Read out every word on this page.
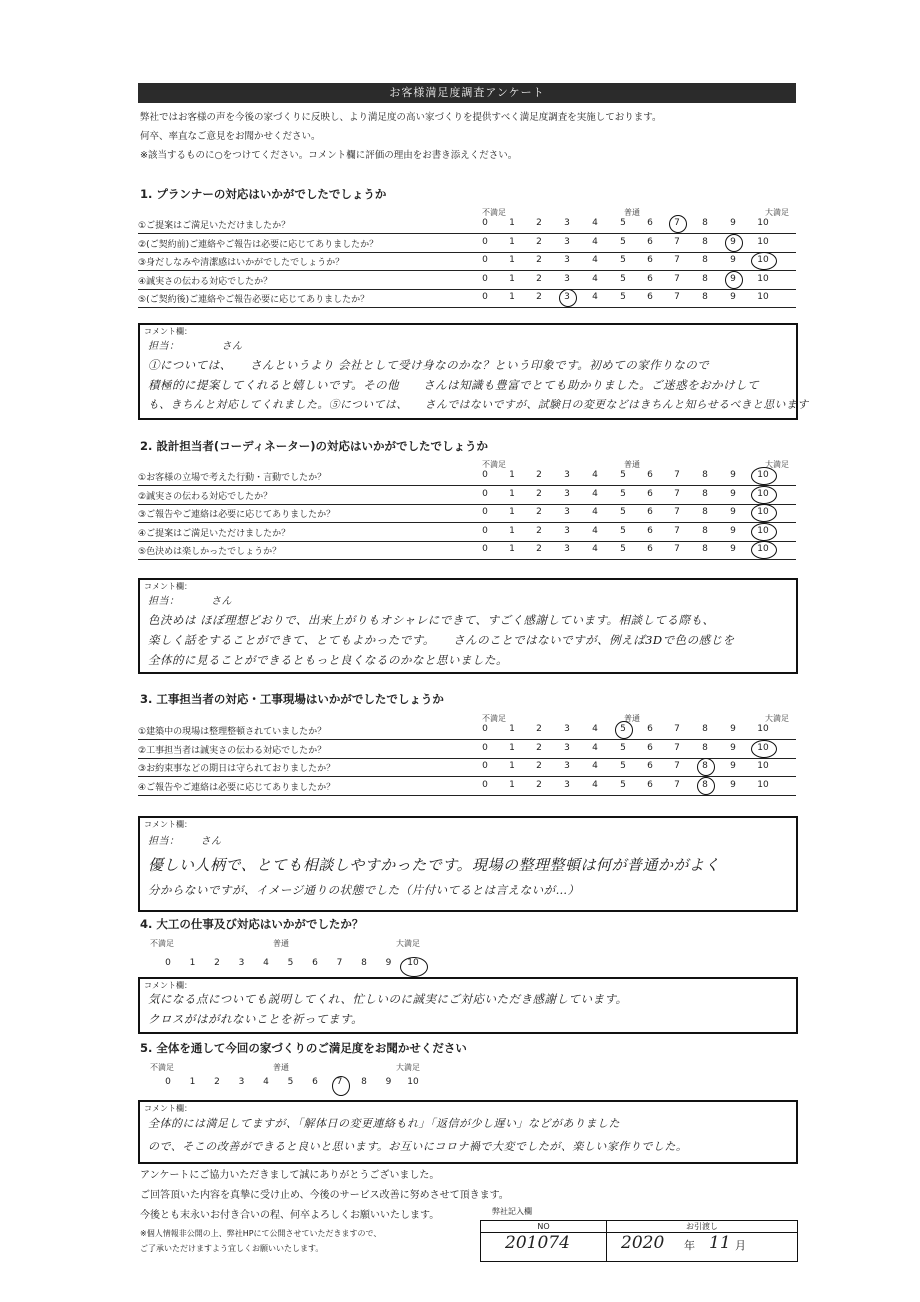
お客様満足度調査アンケート
弊社ではお客様の声を今後の家づくりに反映し、より満足度の高い家づくりを提供すべく満足度調査を実施しております。
何卒、率直なご意見をお聞かせください。
※該当するものに○をつけてください。コメント欄に評価の理由をお書き添えください。
1. プランナーの対応はいかがでしたでしょうか
不満足	普通	大満足
①ご提案はご満足いただけましたか？	0	1	2	3	4	5	6	7	8	9	10
②(ご契約前)ご連絡やご報告は必要に応じてありましたか？	0	1	2	3	4	5	6	7	8	9	10
③身だしなみや清潔感はいかがでしたでしょうか？	0	1	2	3	4	5	6	7	8	9	10
④誠実さの伝わる対応でしたか？	0	1	2	3	4	5	6	7	8	9	10
⑤(ご契約後)ご連絡やご報告必要に応じてありましたか？	0	1	2	3	4	5	6	7	8	9	10
コメント欄：
担当：　　　　さん
①については、　　さんというより 会社として受け身なのかな？という印象です。初めての家作りなので
積極的に提案してくれると嬉しいです。その他　　さんは知識も豊富でとても助かりました。ご迷惑をおかけして
も、きちんと対応してくれました。⑤については、　　さんではないですが、試験日の変更などはきちんと知らせるべきと思います
2. 設計担当者(コーディネーター)の対応はいかがでしたでしょうか
不満足	普通	大満足
①お客様の立場で考えた行動・言動でしたか？	0	1	2	3	4	5	6	7	8	9	10
②誠実さの伝わる対応でしたか？	0	1	2	3	4	5	6	7	8	9	10
③ご報告やご連絡は必要に応じてありましたか？	0	1	2	3	4	5	6	7	8	9	10
④ご提案はご満足いただけましたか？	0	1	2	3	4	5	6	7	8	9	10
⑤色決めは楽しかったでしょうか？	0	1	2	3	4	5	6	7	8	9	10
コメント欄：
担当：　　　さん
色決めは ほぼ理想どおりで、出来上がりもオシャレにできて、すごく感謝しています。相談してる際も、
楽しく話をすることができて、とてもよかったです。　　さんのことではないですが、例えば3Dで色の感じを
全体的に見ることができるともっと良くなるのかなと思いました。
3. 工事担当者の対応・工事現場はいかがでしたでしょうか
不満足	普通	大満足
①建築中の現場は整理整頓されていましたか？	0	1	2	3	4	5	6	7	8	9	10
②工事担当者は誠実さの伝わる対応でしたか？	0	1	2	3	4	5	6	7	8	9	10
③お約束事などの期日は守られておりましたか？	0	1	2	3	4	5	6	7	8	9	10
④ご報告やご連絡は必要に応じてありましたか？	0	1	2	3	4	5	6	7	8	9	10
コメント欄：
担当：　　さん
優しい人柄で、とても相談しやすかったです。現場の整理整頓は何が普通かがよく
分からないですが、イメージ通りの状態でした（片付いてるとは言えないが…）
4. 大工の仕事及び対応はいかがでしたか？
不満足	普通	大満足
0	1	2	3	4	5	6	7	8	9	10
コメント欄：
気になる点についても説明してくれ、忙しいのに誠実にご対応いただき感謝しています。
クロスがはがれないことを祈ってます。
5. 全体を通して今回の家づくりのご満足度をお聞かせください
不満足	普通	大満足
0	1	2	3	4	5	6	7	8	9	10
コメント欄：
全体的には満足してますが、「解体日の変更連絡もれ」「返信が少し遅い」などがありました
ので、そこの改善ができると良いと思います。お互いにコロナ禍で大変でしたが、楽しい家作りでした。
アンケートにご協力いただきまして誠にありがとうございました。
ご回答頂いた内容を真摯に受け止め、今後のサービス改善に努めさせて頂きます。
今後とも末永いお付き合いの程、何卒よろしくお願いいたします。
※個人情報非公開の上、弊社HPにて公開させていただきますので、
ご了承いただけますよう宜しくお願いいたします。
弊社記入欄
NO	お引渡し
201074	2020 年 11 月
